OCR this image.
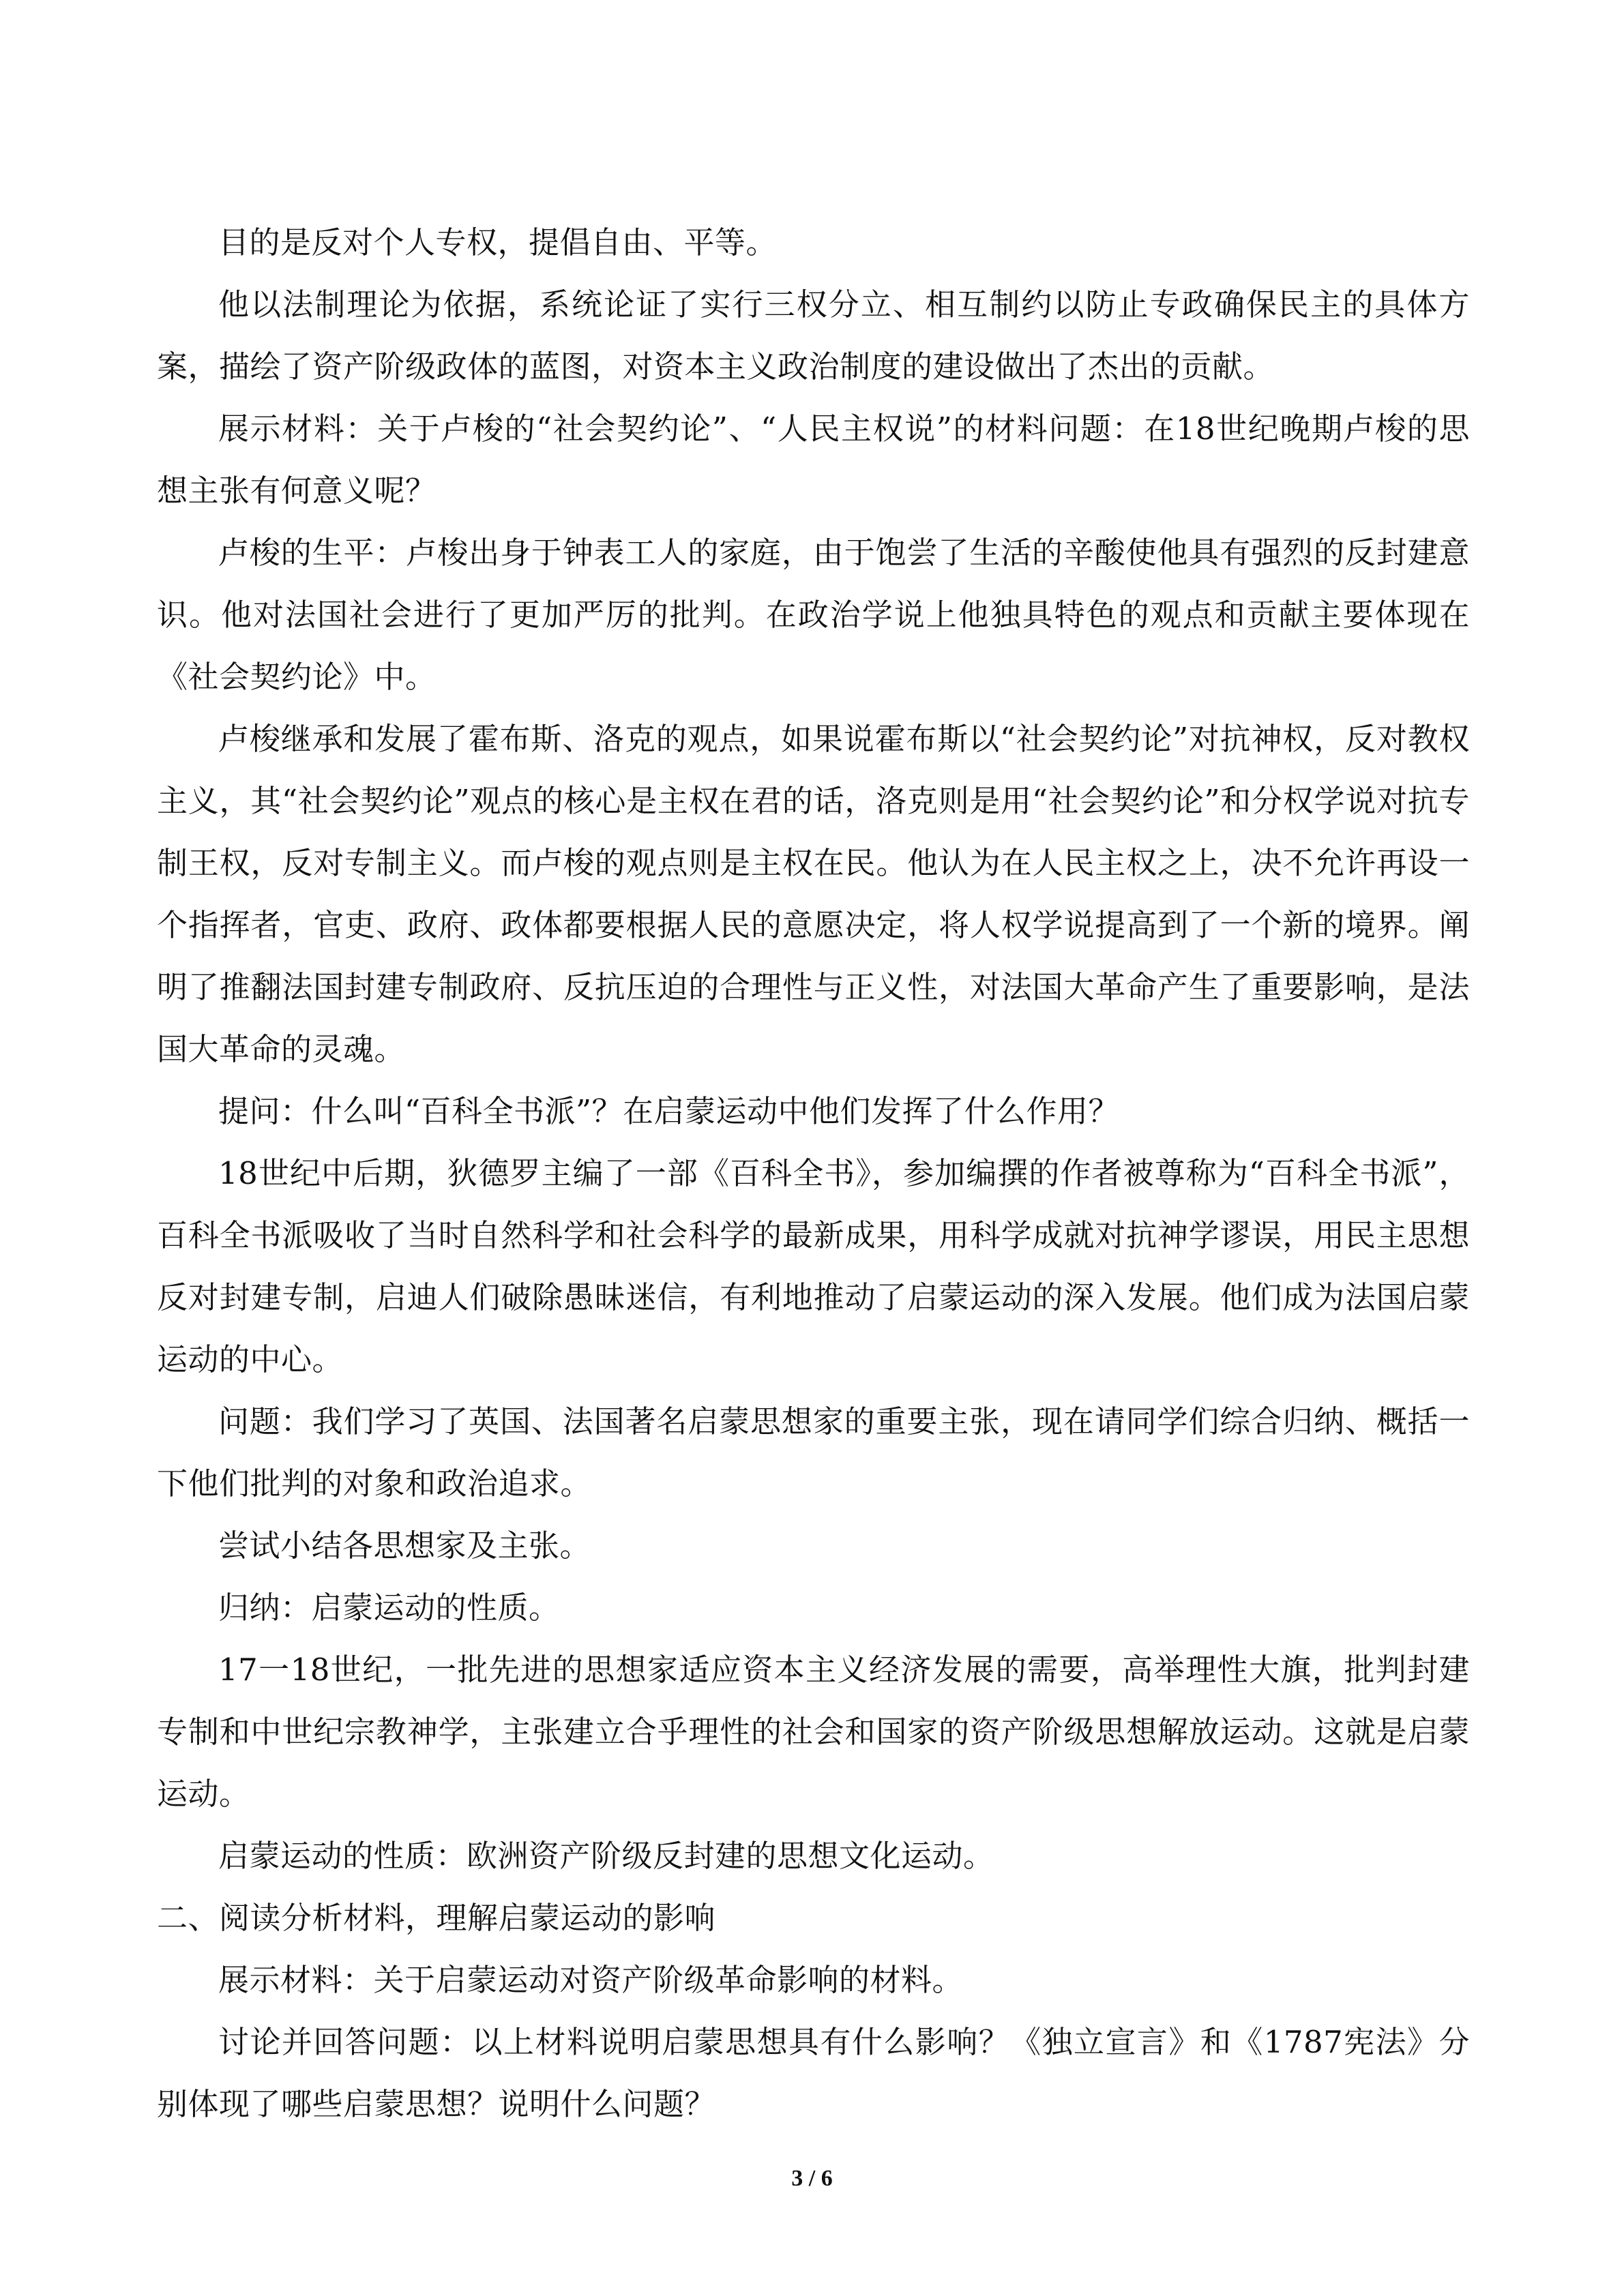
目的是反对个人专权，提倡自由、平等。

他以法制理论为依据，系统论证了实行三权分立、相互制约以防止专政确保民主的具体方案，描绘了资产阶级政体的蓝图，对资本主义政治制度的建设做出了杰出的贡献。

展示材料：关于卢梭的“社会契约论”、“人民主权说”的材料问题：在18世纪晚期卢梭的思想主张有何意义呢？

卢梭的生平：卢梭出身于钟表工人的家庭，由于饱尝了生活的辛酸使他具有强烈的反封建意识。他对法国社会进行了更加严厉的批判。在政治学说上他独具特色的观点和贡献主要体现在《社会契约论》中。

卢梭继承和发展了霍布斯、洛克的观点，如果说霍布斯以“社会契约论”对抗神权，反对教权主义，其“社会契约论”观点的核心是主权在君的话，洛克则是用“社会契约论”和分权学说对抗专制王权，反对专制主义。而卢梭的观点则是主权在民。他认为在人民主权之上，决不允许再设一个指挥者，官吏、政府、政体都要根据人民的意愿决定，将人权学说提高到了一个新的境界。阐明了推翻法国封建专制政府、反抗压迫的合理性与正义性，对法国大革命产生了重要影响，是法国大革命的灵魂。

提问：什么叫“百科全书派”？在启蒙运动中他们发挥了什么作用？

18世纪中后期，狄德罗主编了一部《百科全书》，参加编撰的作者被尊称为“百科全书派”，百科全书派吸收了当时自然科学和社会科学的最新成果，用科学成就对抗神学谬误，用民主思想反对封建专制，启迪人们破除愚昧迷信，有利地推动了启蒙运动的深入发展。他们成为法国启蒙运动的中心。

问题：我们学习了英国、法国著名启蒙思想家的重要主张，现在请同学们综合归纳、概括一下他们批判的对象和政治追求。

尝试小结各思想家及主张。

归纳：启蒙运动的性质。

17一18世纪，一批先进的思想家适应资本主义经济发展的需要，高举理性大旗，批判封建专制和中世纪宗教神学，主张建立合乎理性的社会和国家的资产阶级思想解放运动。这就是启蒙运动。

启蒙运动的性质：欧洲资产阶级反封建的思想文化运动。

二、阅读分析材料，理解启蒙运动的影响

展示材料：关于启蒙运动对资产阶级革命影响的材料。

讨论并回答问题：以上材料说明启蒙思想具有什么影响？《独立宣言》和《1787宪法》分别体现了哪些启蒙思想？说明什么问题？

3 / 6
